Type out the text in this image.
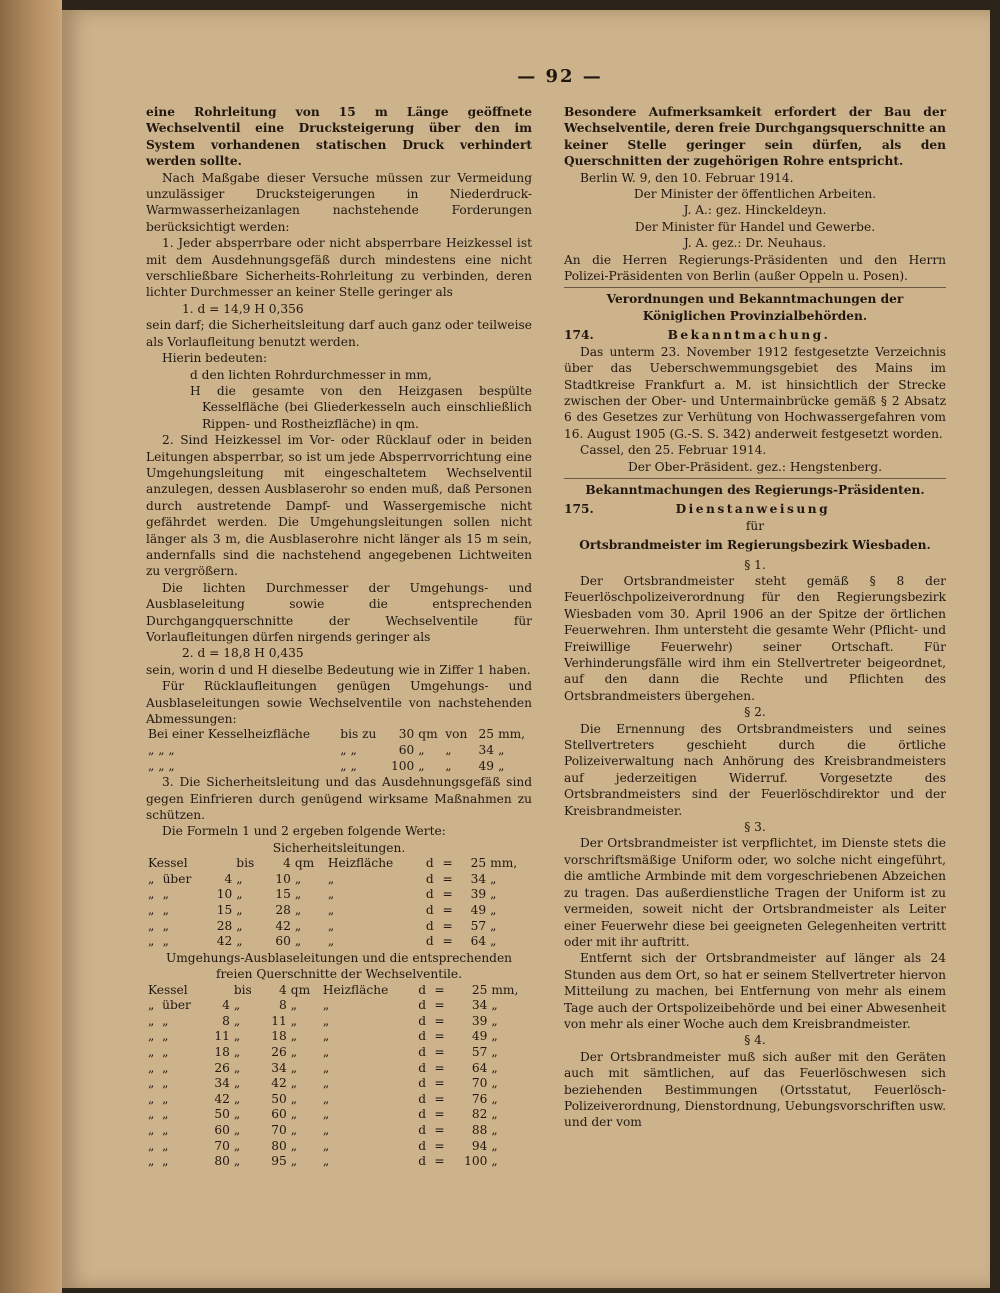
— 92 —

eine Rohrleitung von 15 m Länge geöffnete Wechselventil eine Drucksteigerung über den im System vorhandenen statischen Druck verhindert werden sollte.

Nach Maßgabe dieser Versuche müssen zur Vermeidung unzulässiger Drucksteigerungen in Niederdruck-Warmwasserheizanlagen nachstehende Forderungen berücksichtigt werden:

1. Jeder absperrbare oder nicht absperrbare Heizkessel ist mit dem Ausdehnungsgefäß durch mindestens eine nicht verschließbare Sicherheits-Rohrleitung zu verbinden, deren lichter Durchmesser an keiner Stelle geringer als

1. d = 14,9 H 0,356

sein darf; die Sicherheitsleitung darf auch ganz oder teilweise als Vorlaufleitung benutzt werden.

Hierin bedeuten:

d den lichten Rohrdurchmesser in mm,

H die gesamte von den Heizgasen bespülte Kesselfläche (bei Gliederkesseln auch einschließlich Rippen- und Rostheizfläche) in qm.

2. Sind Heizkessel im Vor- oder Rücklauf oder in beiden Leitungen absperrbar, so ist um jede Absperrvorrichtung eine Umgehungsleitung mit eingeschaltetem Wechselventil anzulegen, dessen Ausblaserohr so enden muß, daß Personen durch austretende Dampf- und Wassergemische nicht gefährdet werden. Die Umgehungsleitungen sollen nicht länger als 3 m, die Ausblaserohre nicht länger als 15 m sein, andernfalls sind die nachstehend angegebenen Lichtweiten zu vergrößern.

Die lichten Durchmesser der Umgehungs- und Ausblaseleitung sowie die entsprechenden Durchgangquerschnitte der Wechselventile für Vorlaufleitungen dürfen nirgends geringer als

2. d = 18,8 H 0,435

sein, worin d und H dieselbe Bedeutung wie in Ziffer 1 haben.

Für Rücklaufleitungen genügen Umgehungs- und Ausblaseleitungen sowie Wechselventile von nachstehenden Abmessungen:

Bei einer Kesselheizfläche	bis zu	30	qm	von	25	mm,
„ „ „	„ „	60	„	„	34	„
„ „ „	„ „	100	„	„	49	„

3. Die Sicherheitsleitung und das Ausdehnungsgefäß sind gegen Einfrieren durch genügend wirksame Maßnahmen zu schützen.

Die Formeln 1 und 2 ergeben folgende Werte:

Sicherheitsleitungen.

Kessel			bis	4	qm	Heizfläche	d	=	25	mm,
„	über	4	„	10	„	„	d	=	34	„
„	„	10	„	15	„	„	d	=	39	„
„	„	15	„	28	„	„	d	=	49	„
„	„	28	„	42	„	„	d	=	57	„
„	„	42	„	60	„	„	d	=	64	„

Umgehungs-Ausblaseleitungen und die entsprechenden freien Querschnitte der Wechselventile.

Kessel			bis	4	qm	Heizfläche	d	=	25	mm,
„	über	4	„	8	„	„	d	=	34	„
„	„	8	„	11	„	„	d	=	39	„
„	„	11	„	18	„	„	d	=	49	„
„	„	18	„	26	„	„	d	=	57	„
„	„	26	„	34	„	„	d	=	64	„
„	„	34	„	42	„	„	d	=	70	„
„	„	42	„	50	„	„	d	=	76	„
„	„	50	„	60	„	„	d	=	82	„
„	„	60	„	70	„	„	d	=	88	„
„	„	70	„	80	„	„	d	=	94	„
„	„	80	„	95	„	„	d	=	100	„

Besondere Aufmerksamkeit erfordert der Bau der Wechselventile, deren freie Durchgangsquerschnitte an keiner Stelle geringer sein dürfen, als den Querschnitten der zugehörigen Rohre entspricht.

Berlin W. 9, den 10. Februar 1914.

Der Minister der öffentlichen Arbeiten.

J. A.: gez. Hinckeldeyn.

Der Minister für Handel und Gewerbe.

J. A. gez.: Dr. Neuhaus.

An die Herren Regierungs-Präsidenten und den Herrn Polizei-Präsidenten von Berlin (außer Oppeln u. Posen).

Verordnungen und Bekanntmachungen der Königlichen Provinzialbehörden.

174.	Bekanntmachung.

Das unterm 23. November 1912 festgesetzte Verzeichnis über das Ueberschwemmungsgebiet des Mains im Stadtkreise Frankfurt a. M. ist hinsichtlich der Strecke zwischen der Ober- und Untermainbrücke gemäß § 2 Absatz 6 des Gesetzes zur Verhütung von Hochwassergefahren vom 16. August 1905 (G.-S. S. 342) anderweit festgesetzt worden.

Cassel, den 25. Februar 1914.

Der Ober-Präsident. gez.: Hengstenberg.

Bekanntmachungen des Regierungs-Präsidenten.

175.	Dienstanweisung

für

Ortsbrandmeister im Regierungsbezirk Wiesbaden.

§ 1.

Der Ortsbrandmeister steht gemäß § 8 der Feuerlöschpolizeiverordnung für den Regierungsbezirk Wiesbaden vom 30. April 1906 an der Spitze der örtlichen Feuerwehren. Ihm untersteht die gesamte Wehr (Pflicht- und Freiwillige Feuerwehr) seiner Ortschaft. Für Verhinderungsfälle wird ihm ein Stellvertreter beigeordnet, auf den dann die Rechte und Pflichten des Ortsbrandmeisters übergehen.

§ 2.

Die Ernennung des Ortsbrandmeisters und seines Stellvertreters geschieht durch die örtliche Polizeiverwaltung nach Anhörung des Kreisbrandmeisters auf jederzeitigen Widerruf. Vorgesetzte des Ortsbrandmeisters sind der Feuerlöschdirektor und der Kreisbrandmeister.

§ 3.

Der Ortsbrandmeister ist verpflichtet, im Dienste stets die vorschriftsmäßige Uniform oder, wo solche nicht eingeführt, die amtliche Armbinde mit dem vorgeschriebenen Abzeichen zu tragen. Das außerdienstliche Tragen der Uniform ist zu vermeiden, soweit nicht der Ortsbrandmeister als Leiter einer Feuerwehr diese bei geeigneten Gelegenheiten vertritt oder mit ihr auftritt.

Entfernt sich der Ortsbrandmeister auf länger als 24 Stunden aus dem Ort, so hat er seinem Stellvertreter hiervon Mitteilung zu machen, bei Entfernung von mehr als einem Tage auch der Ortspolizeibehörde und bei einer Abwesenheit von mehr als einer Woche auch dem Kreisbrandmeister.

§ 4.

Der Ortsbrandmeister muß sich außer mit den Geräten auch mit sämtlichen, auf das Feuerlöschwesen sich beziehenden Bestimmungen (Ortsstatut, Feuerlösch-Polizeiverordnung, Dienstordnung, Uebungsvorschriften usw. und der vom
